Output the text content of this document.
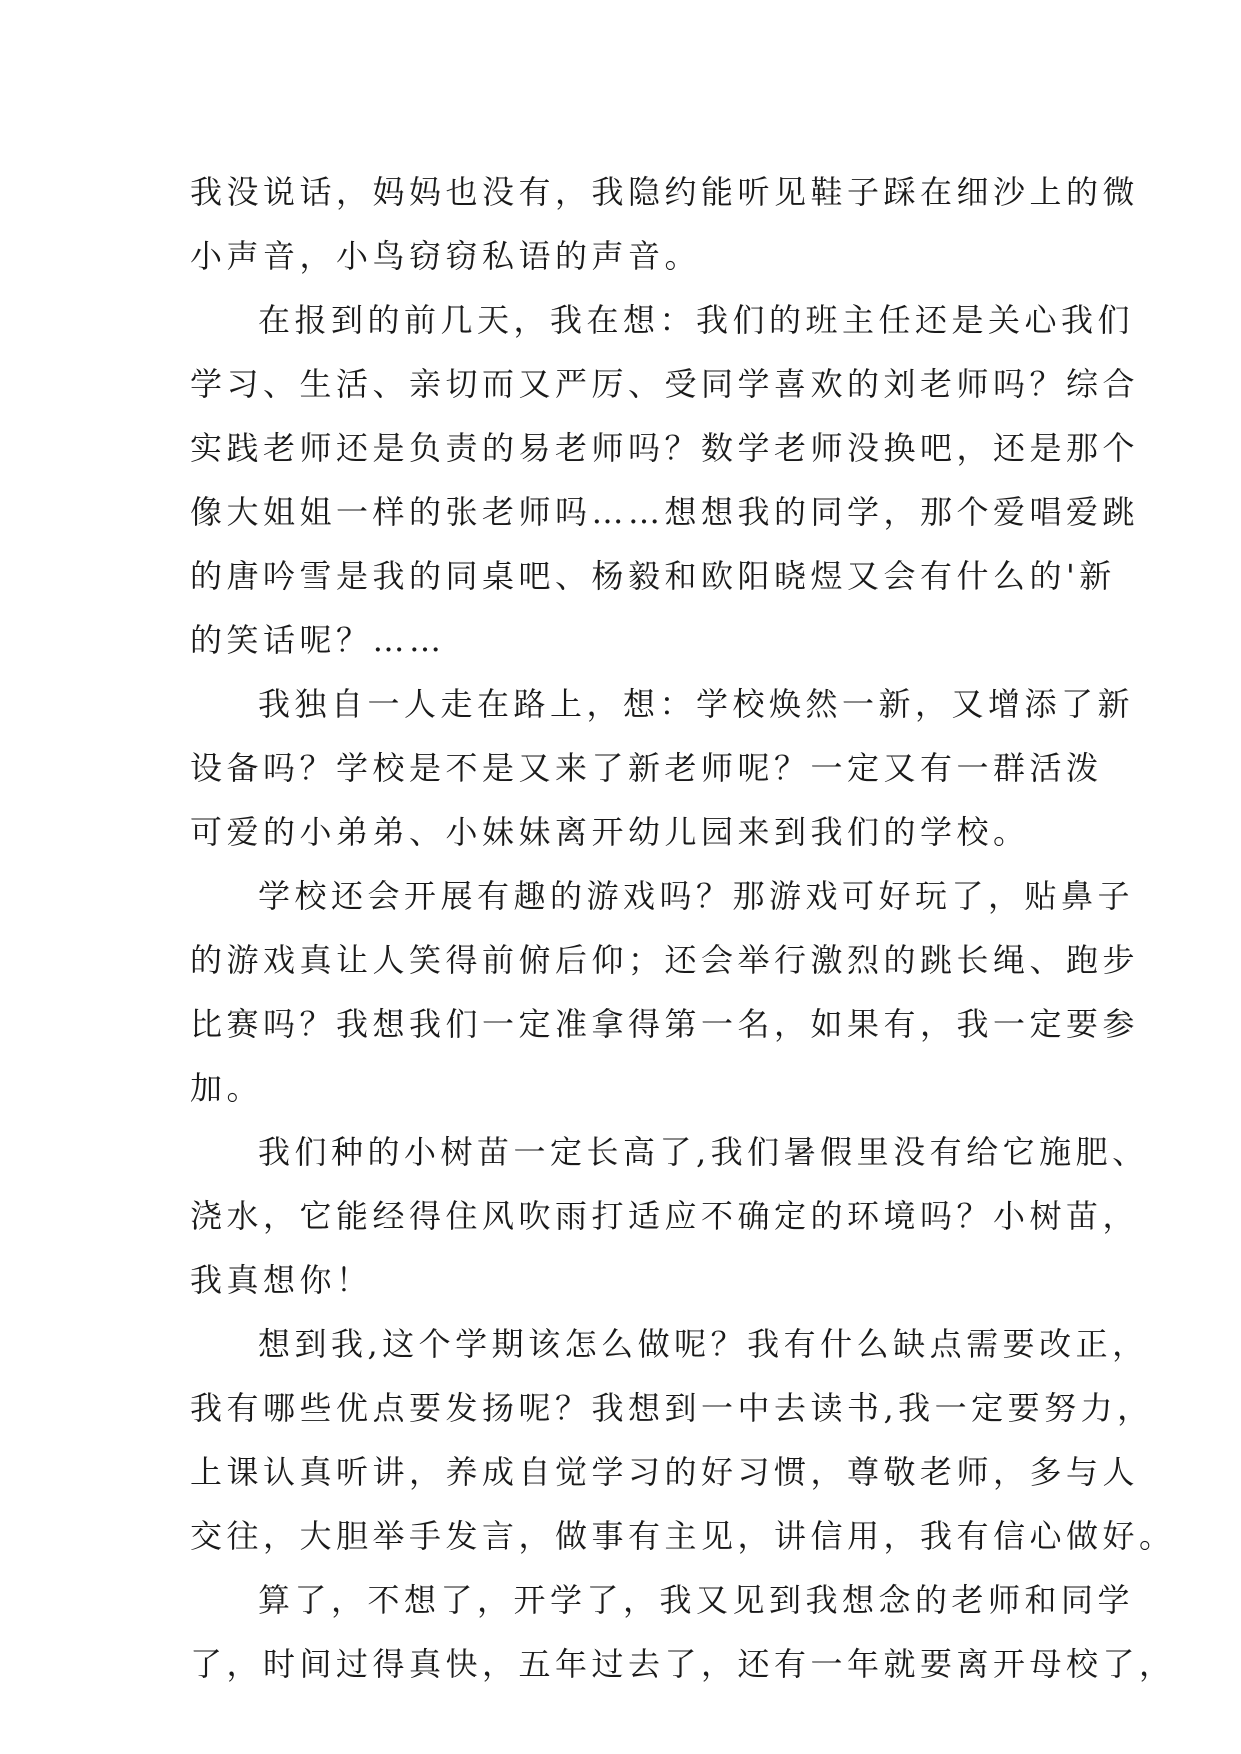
我没说话，妈妈也没有，我隐约能听见鞋子踩在细沙上的微
小声音，小鸟窃窃私语的声音。
在报到的前几天，我在想：我们的班主任还是关心我们
学习、生活、亲切而又严厉、受同学喜欢的刘老师吗？综合
实践老师还是负责的易老师吗？数学老师没换吧，还是那个
像大姐姐一样的张老师吗……想想我的同学，那个爱唱爱跳
的唐吟雪是我的同桌吧、杨毅和欧阳晓煜又会有什么的'新
的笑话呢？……
我独自一人走在路上，想：学校焕然一新，又增添了新
设备吗？学校是不是又来了新老师呢？一定又有一群活泼
可爱的小弟弟、小妹妹离开幼儿园来到我们的学校。
学校还会开展有趣的游戏吗？那游戏可好玩了，贴鼻子
的游戏真让人笑得前俯后仰；还会举行激烈的跳长绳、跑步
比赛吗？我想我们一定准拿得第一名，如果有，我一定要参
加。
我们种的小树苗一定长高了,我们暑假里没有给它施肥、
浇水，它能经得住风吹雨打适应不确定的环境吗？小树苗，
我真想你！
想到我,这个学期该怎么做呢？我有什么缺点需要改正，
我有哪些优点要发扬呢？我想到一中去读书,我一定要努力，
上课认真听讲，养成自觉学习的好习惯，尊敬老师，多与人
交往，大胆举手发言，做事有主见，讲信用，我有信心做好。
算了，不想了，开学了，我又见到我想念的老师和同学
了，时间过得真快，五年过去了，还有一年就要离开母校了，
